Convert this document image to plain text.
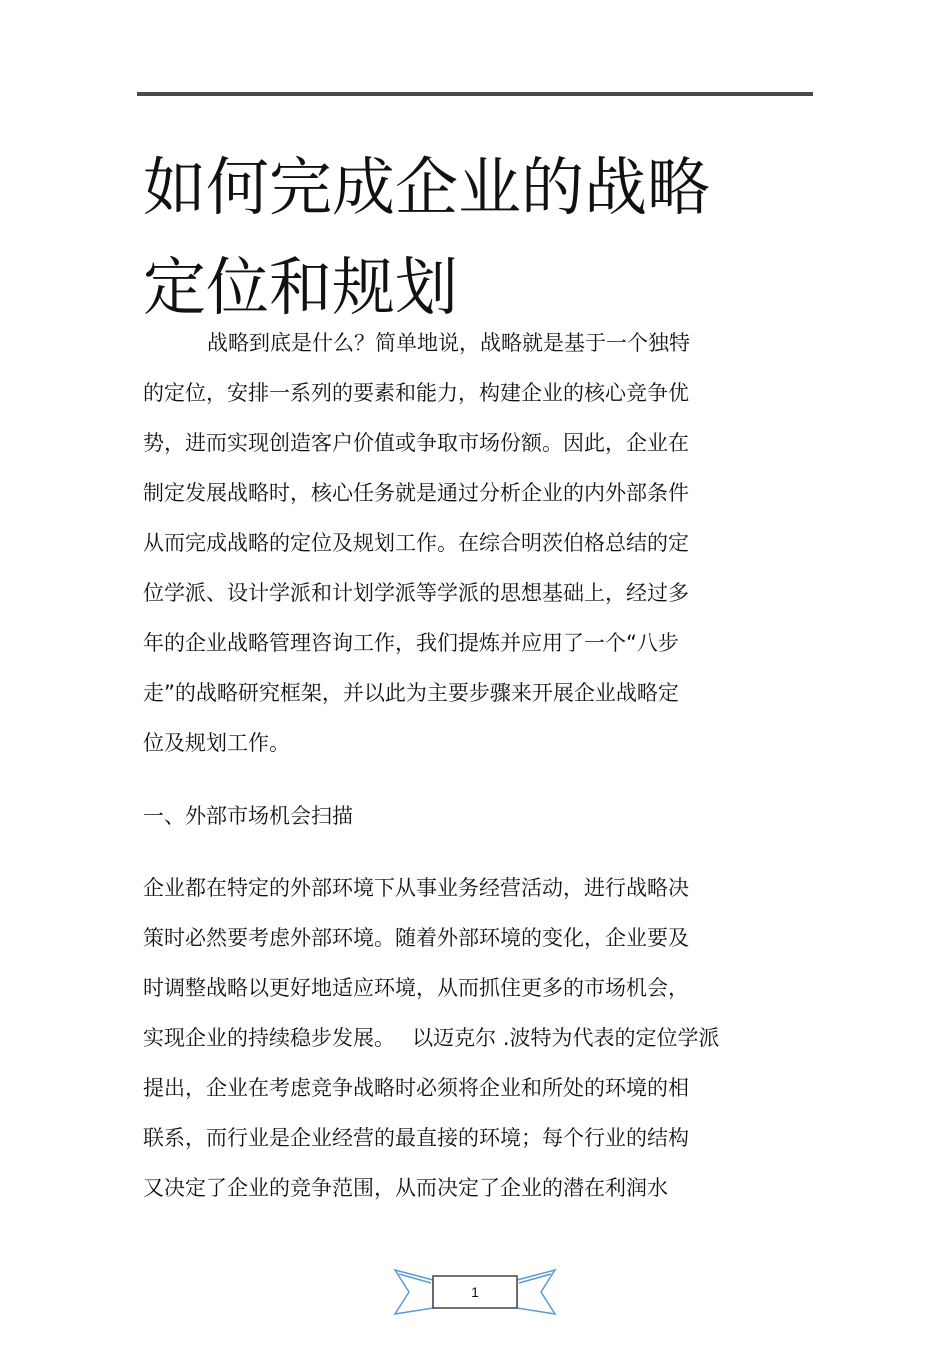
如何完成企业的战略
定位和规划
战略到底是什么？简单地说，战略就是基于一个独特
的定位，安排一系列的要素和能力，构建企业的核心竞争优
势，进而实现创造客户价值或争取市场份额。因此，企业在
制定发展战略时，核心任务就是通过分析企业的内外部条件
从而完成战略的定位及规划工作。在综合明茨伯格总结的定
位学派、设计学派和计划学派等学派的思想基础上，经过多
年的企业战略管理咨询工作，我们提炼并应用了一个“八步
走”的战略研究框架，并以此为主要步骤来开展企业战略定
位及规划工作。
一、外部市场机会扫描
企业都在特定的外部环境下从事业务经营活动，进行战略决
策时必然要考虑外部环境。随着外部环境的变化，企业要及
时调整战略以更好地适应环境，从而抓住更多的市场机会，
实现企业的持续稳步发展。　 以迈克尔 .波特为代表的定位学派
提出，企业在考虑竞争战略时必须将企业和所处的环境的相
联系，而行业是企业经营的最直接的环境；每个行业的结构
又决定了企业的竞争范围，从而决定了企业的潜在利润水
1
